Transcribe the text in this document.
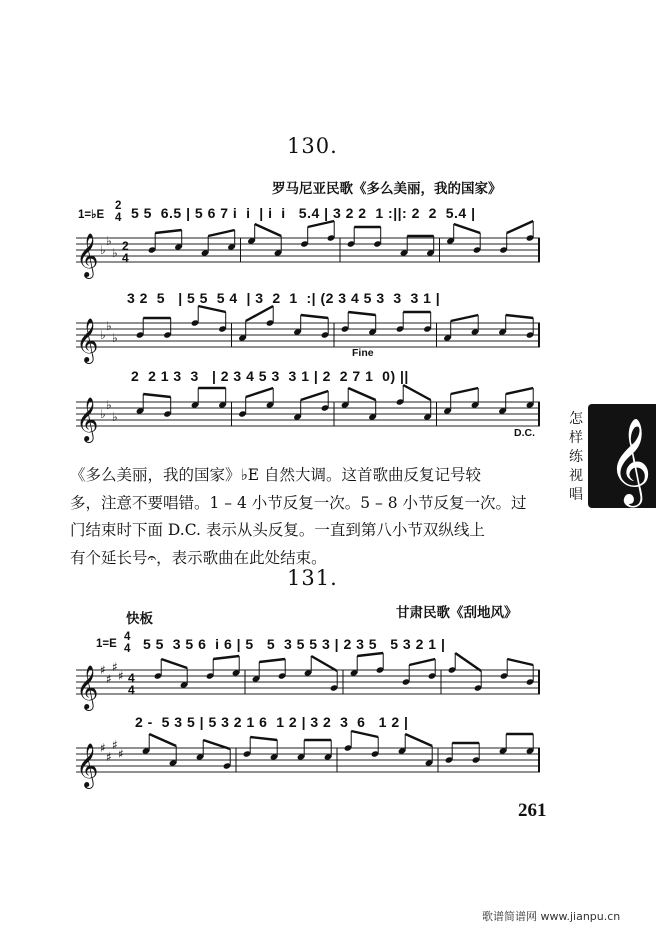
130.
罗马尼亚民歌《多么美丽，我的国家》
1=♭E
2
4 5 5  6.5 | 5 6 7 i  i  | i  i   5.4 | 3 2 2  1 :||: 2  2  5.4 |
𝄞 ♭
♭
♭ 2
4
3 2  5   | 5 5  5 4  | 3  2  1  :| (2 3 4 5 3  3  3 1 |
𝄞 ♭
♭
♭
Fine
2  2 1 3  3   | 2 3 4 5 3  3 1 | 2  2 7 1  0) ||
𝄞 ♭
♭
♭
D.C.

《多么美丽，我的国家》♭E 自然大调。这首歌曲反复记号较

多，注意不要唱错。1 – 4 小节反复一次。5 – 8 小节反复一次。过

门结束时下面 D.C. 表示从头反复。一直到第八小节双纵线上

有个延长号𝄐，表示歌曲在此处结束。

怎
样
练
视
唱 𝄞
131.
快板	甘肃民歌《刮地风》
1=E
4
4 5 5  3 5 6  i 6 | 5   5  3 5 5 3 | 2 3 5   5 3 2 1 |
𝄞 ♯
♯
♯
♯ 4
4
2 -  5 3 5 | 5 3 2 1 6  1 2 | 3 2  3  6   1 2 |
𝄞 ♯
♯
♯
♯
261
歌谱简谱网 www.jianpu.cn
